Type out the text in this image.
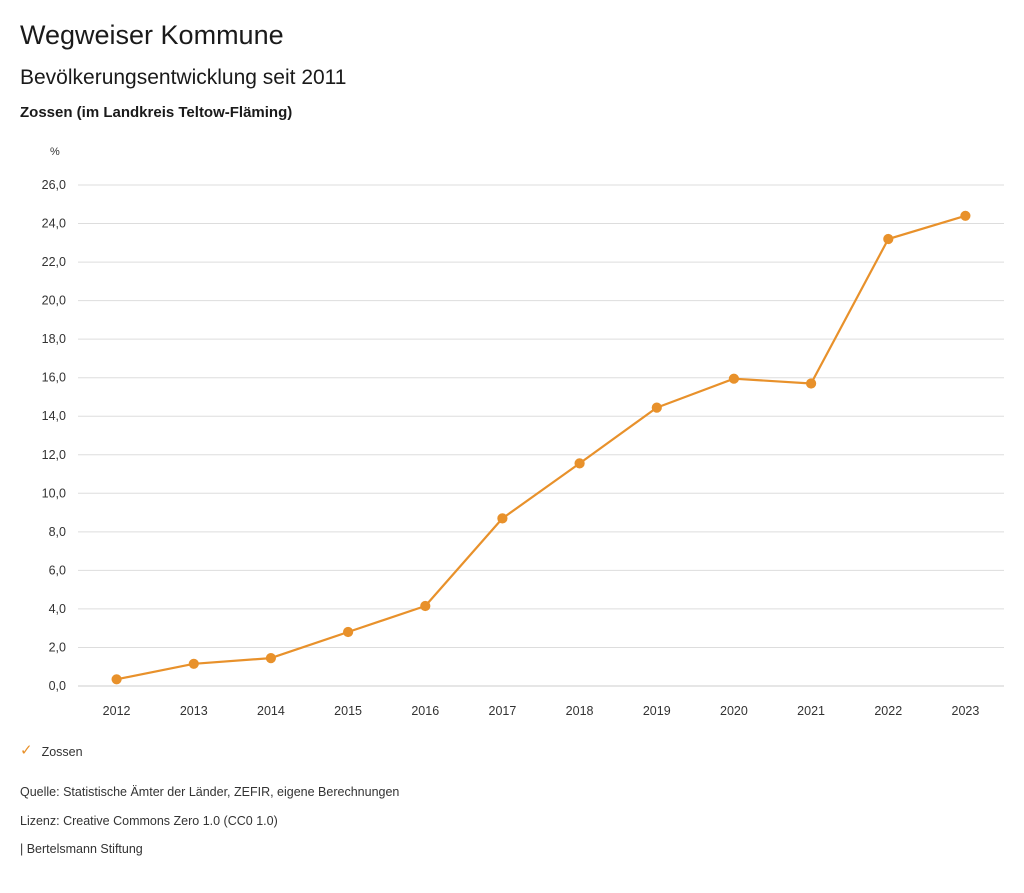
Wegweiser Kommune
Bevölkerungsentwicklung seit 2011
Zossen (im Landkreis Teltow-Fläming)
%
0,0
2,0
4,0
6,0
8,0
10,0
12,0
14,0
16,0
18,0
20,0
22,0
24,0
26,0
2012	2013	2014	2015	2016	2017	2018	2019	2020	2021	2022	2023
✓ Zossen
Quelle: Statistische Ämter der Länder, ZEFIR, eigene Berechnungen
Lizenz: Creative Commons Zero 1.0 (CC0 1.0)
| Bertelsmann Stiftung
